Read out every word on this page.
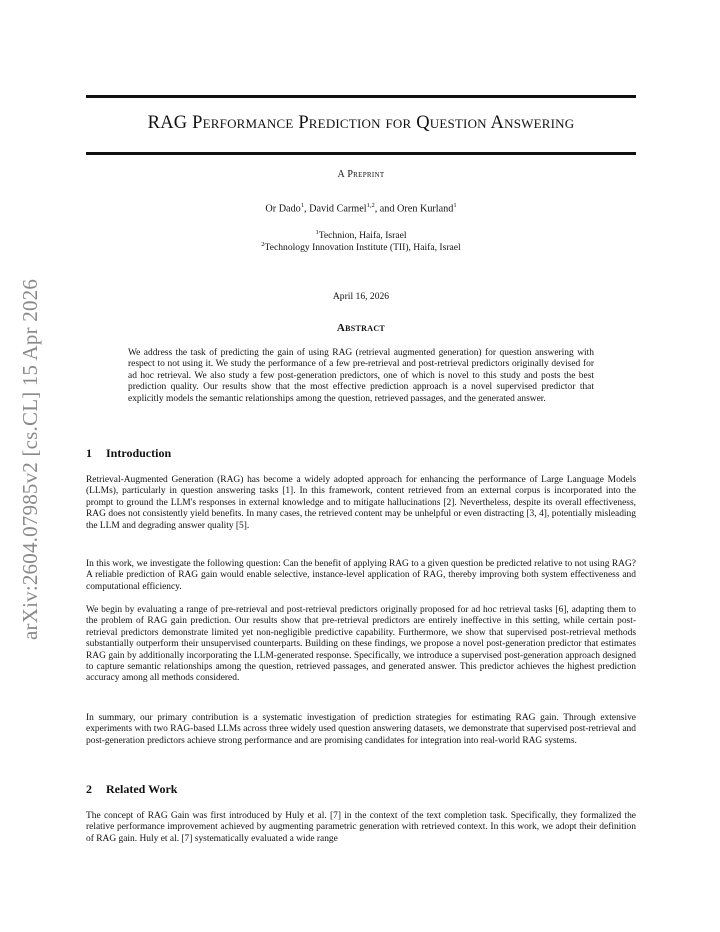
arXiv:2604.07985v2 [cs.CL] 15 Apr 2026
RAG Performance Prediction for Question Answering
A Preprint
Or Dado$^1$, David Carmel$^{1,2}$, and Oren Kurland$^1$
$^1$Technion, Haifa, Israel
$^2$Technology Innovation Institute (TII), Haifa, Israel
April 16, 2026
Abstract
We address the task of predicting the gain of using RAG (retrieval augmented generation) for question answering with respect to not using it. We study the performance of a few pre-retrieval and post-retrieval predictors originally devised for ad hoc retrieval. We also study a few post-generation predictors, one of which is novel to this study and posts the best prediction quality. Our results show that the most effective prediction approach is a novel supervised predictor that explicitly models the semantic relationships among the question, retrieved passages, and the generated answer.
1 Introduction

Retrieval-Augmented Generation (RAG) has become a widely adopted approach for enhancing the performance of Large Language Models (LLMs), particularly in question answering tasks [1]. In this framework, content retrieved from an external corpus is incorporated into the prompt to ground the LLM's responses in external knowledge and to mitigate hallucinations [2]. Nevertheless, despite its overall effectiveness, RAG does not consistently yield benefits. In many cases, the retrieved content may be unhelpful or even distracting [3, 4], potentially misleading the LLM and degrading answer quality [5].

In this work, we investigate the following question: Can the benefit of applying RAG to a given question be predicted relative to not using RAG? A reliable prediction of RAG gain would enable selective, instance-level application of RAG, thereby improving both system effectiveness and computational efficiency.

We begin by evaluating a range of pre-retrieval and post-retrieval predictors originally proposed for ad hoc retrieval tasks [6], adapting them to the problem of RAG gain prediction. Our results show that pre-retrieval predictors are entirely ineffective in this setting, while certain post-retrieval predictors demonstrate limited yet non-negligible predictive capability. Furthermore, we show that supervised post-retrieval methods substantially outperform their unsupervised counterparts. Building on these findings, we propose a novel post-generation predictor that estimates RAG gain by additionally incorporating the LLM-generated response. Specifically, we introduce a supervised post-generation approach designed to capture semantic relationships among the question, retrieved passages, and generated answer. This predictor achieves the highest prediction accuracy among all methods considered.

In summary, our primary contribution is a systematic investigation of prediction strategies for estimating RAG gain. Through extensive experiments with two RAG-based LLMs across three widely used question answering datasets, we demonstrate that supervised post-retrieval and post-generation predictors achieve strong performance and are promising candidates for integration into real-world RAG systems.

2 Related Work

The concept of RAG Gain was first introduced by Huly et al. [7] in the context of the text completion task. Specifically, they formalized the relative performance improvement achieved by augmenting parametric generation with retrieved context. In this work, we adopt their definition of RAG gain. Huly et al. [7] systematically evaluated a wide range
